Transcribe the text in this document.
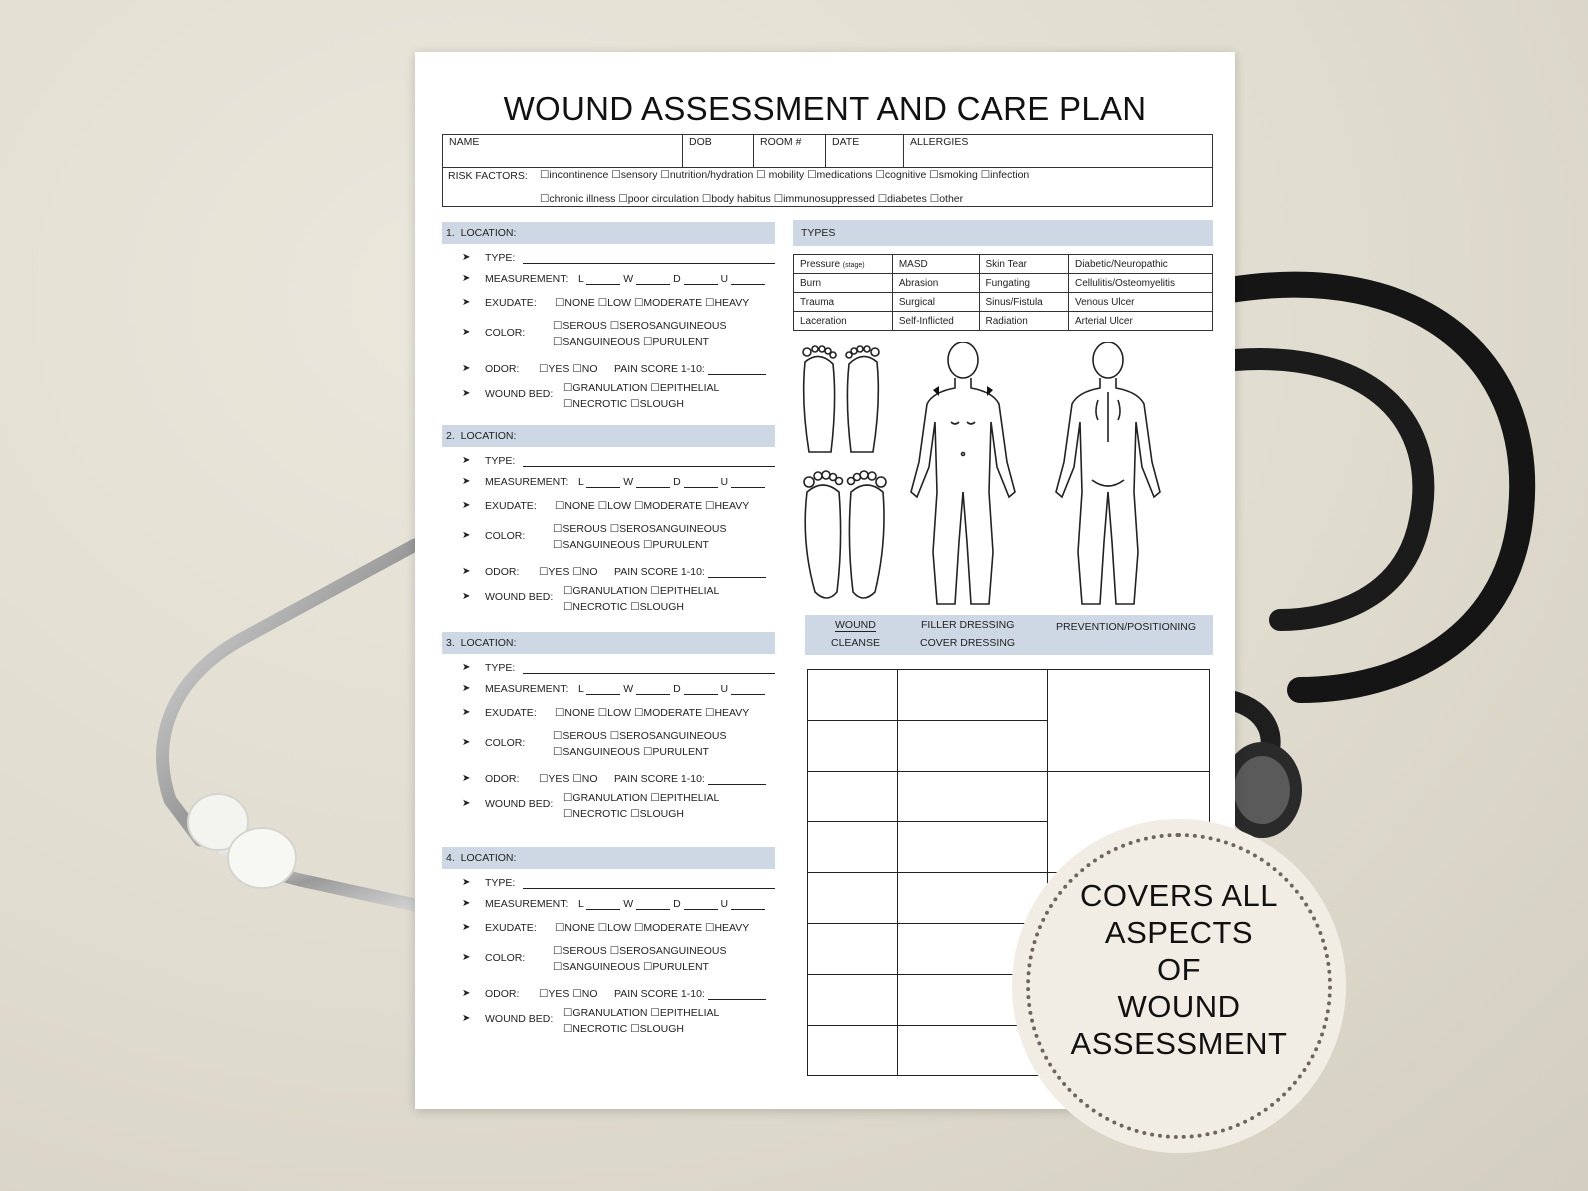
WOUND ASSESSMENT AND CARE PLAN
NAME	DOB	ROOM #	DATE	ALLERGIES
RISK FACTORS:	☐ incontinence ☐ sensory ☐ nutrition/hydration ☐ mobility ☐ medications ☐ cognitive ☐ smoking ☐ infection
☐ chronic illness ☐ poor circulation ☐ body habitus ☐ immunosuppressed ☐ diabetes ☐ other
1. LOCATION:
➤ TYPE:
➤ MEASUREMENT: L	W	D	U
➤ EXUDATE:	☐ NONE ☐ LOW ☐ MODERATE ☐ HEAVY
➤ COLOR:
☐ SEROUS ☐ SEROSANGUINEOUS
☐ SANGUINEOUS ☐ PURULENT
➤ ODOR:	☐ YES ☐ NO PAIN SCORE 1-10:
➤ WOUND BED:	☐ GRANULATION ☐ EPITHELIAL
☐ NECROTIC ☐ SLOUGH
2. LOCATION:
➤ TYPE:
➤ MEASUREMENT: L	W	D	U
➤ EXUDATE:	☐ NONE ☐ LOW ☐ MODERATE ☐ HEAVY
➤ COLOR:
☐ SEROUS ☐ SEROSANGUINEOUS
☐ SANGUINEOUS ☐ PURULENT
➤ ODOR:	☐ YES ☐ NO PAIN SCORE 1-10:
➤ WOUND BED:	☐ GRANULATION ☐ EPITHELIAL
☐ NECROTIC ☐ SLOUGH
3. LOCATION:
➤ TYPE:
➤ MEASUREMENT: L	W	D	U
➤ EXUDATE:	☐ NONE ☐ LOW ☐ MODERATE ☐ HEAVY
➤ COLOR:
☐ SEROUS ☐ SEROSANGUINEOUS
☐ SANGUINEOUS ☐ PURULENT
➤ ODOR:	☐ YES ☐ NO PAIN SCORE 1-10:
➤ WOUND BED:	☐ GRANULATION ☐ EPITHELIAL
☐ NECROTIC ☐ SLOUGH
4. LOCATION:
➤ TYPE:
➤ MEASUREMENT: L	W	D	U
➤ EXUDATE:	☐ NONE ☐ LOW ☐ MODERATE ☐ HEAVY
➤ COLOR:
☐ SEROUS ☐ SEROSANGUINEOUS
☐ SANGUINEOUS ☐ PURULENT
➤ ODOR:	☐ YES ☐ NO PAIN SCORE 1-10:
➤ WOUND BED:	☐ GRANULATION ☐ EPITHELIAL
☐ NECROTIC ☐ SLOUGH
TYPES
Pressure (stage)	MASD	Skin Tear	Diabetic/Neuropathic
Burn	Abrasion	Fungating	Cellulitis/Osteomyelitis
Trauma	Surgical	Sinus/Fistula	Venous Ulcer
Laceration	Self-Inflicted	Radiation	Arterial Ulcer
WOUND
CLEANSE
FILLER DRESSING
COVER DRESSING
PREVENTION/POSITIONING
COVERS ALL
ASPECTS
OF
WOUND
ASSESSMENT
